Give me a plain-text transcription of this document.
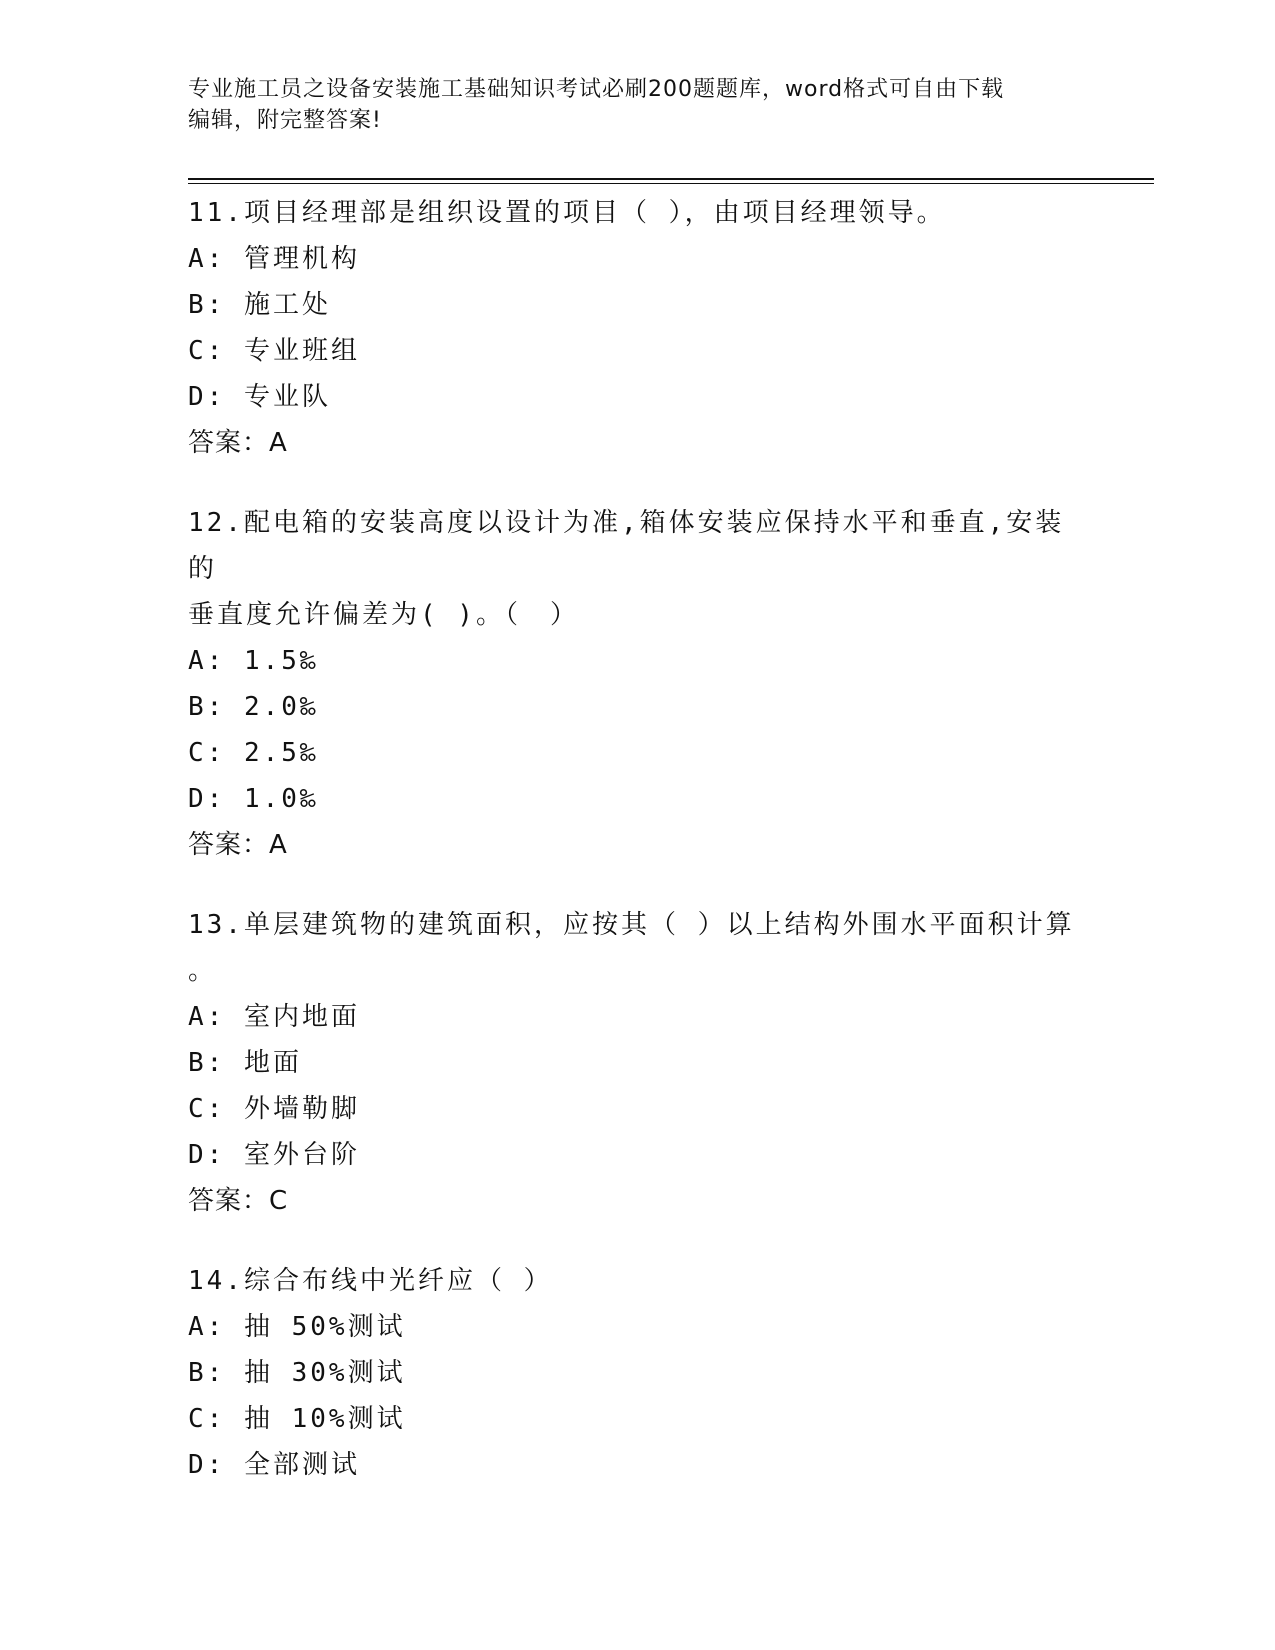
专业施工员之设备安装施工基础知识考试必刷200题题库，word格式可自由下载
编辑，附完整答案!
11.项目经理部是组织设置的项目（ ），由项目经理领导。
A: 管理机构
B: 施工处
C: 专业班组
D: 专业队
答案：A
12.配电箱的安装高度以设计为准,箱体安装应保持水平和垂直,安装的
垂直度允许偏差为( )。（　）
A: 1.5‰
B: 2.0‰
C: 2.5‰
D: 1.0‰
答案：A
13.单层建筑物的建筑面积，应按其（ ）以上结构外围水平面积计算
。
A: 室内地面
B: 地面
C: 外墙勒脚
D: 室外台阶
答案：C
14.综合布线中光纤应（ ）
A: 抽 50%测试
B: 抽 30%测试
C: 抽 10%测试
D: 全部测试
